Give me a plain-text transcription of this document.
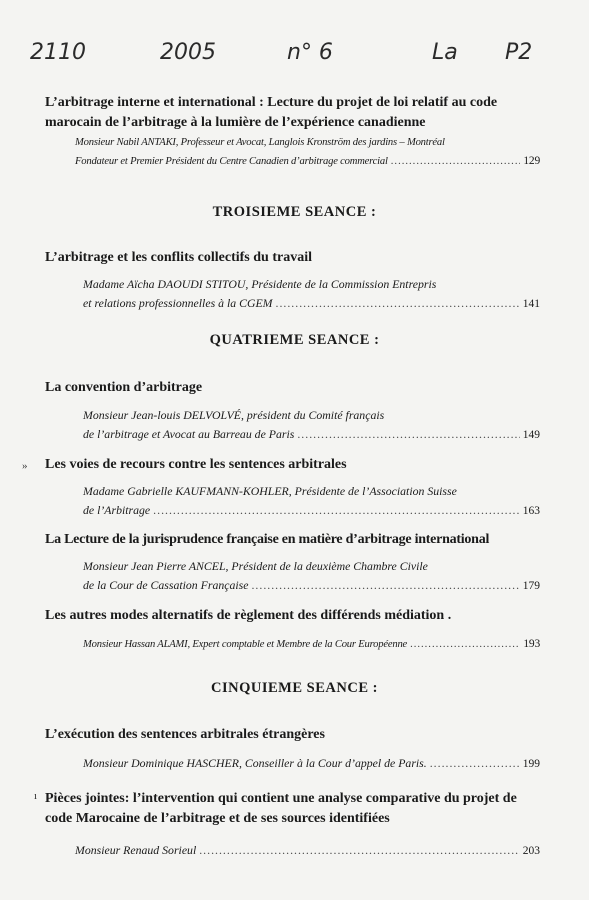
2110	2005	n° 6	La P2
L’arbitrage interne et international : Lecture du projet de loi relatif au code marocain de l’arbitrage à la lumière de l’expérience canadienne
Monsieur Nabil ANTAKI, Professeur et Avocat, Langlois Kronström des jardins – Montréal
Fondateur et Premier Président du Centre Canadien d’arbitrage commercial .....	129
TROISIEME SEANCE :
L’arbitrage et les conflits collectifs du travail
Madame Aïcha DAOUDI STITOU, Présidente de la Commission Entrepris
et relations professionnelles à la CGEM .....	141
QUATRIEME SEANCE :
La convention d’arbitrage
Monsieur Jean-louis DELVOLVÉ, président du Comité français
de l’arbitrage et Avocat au Barreau de Paris .....	149
» Les voies de recours contre les sentences arbitrales
Madame Gabrielle KAUFMANN-KOHLER, Présidente de l’Association Suisse
de l’Arbitrage .....	163
La Lecture de la jurisprudence française en matière d’arbitrage international
Monsieur Jean Pierre ANCEL, Président de la deuxième Chambre Civile
de la Cour de Cassation Française .....	179
Les autres modes alternatifs de règlement des différends médiation .
Monsieur Hassan ALAMI, Expert comptable et Membre de la Cour Européenne .....	193
CINQUIEME SEANCE :
L’exécution des sentences arbitrales étrangères
Monsieur Dominique HASCHER, Conseiller à la Cour d’appel de Paris. .....	199
ı Pièces jointes: l’intervention qui contient une analyse comparative du projet de code Marocaine de l’arbitrage et de ses sources identifiées
Monsieur Renaud Sorieul .....	203
